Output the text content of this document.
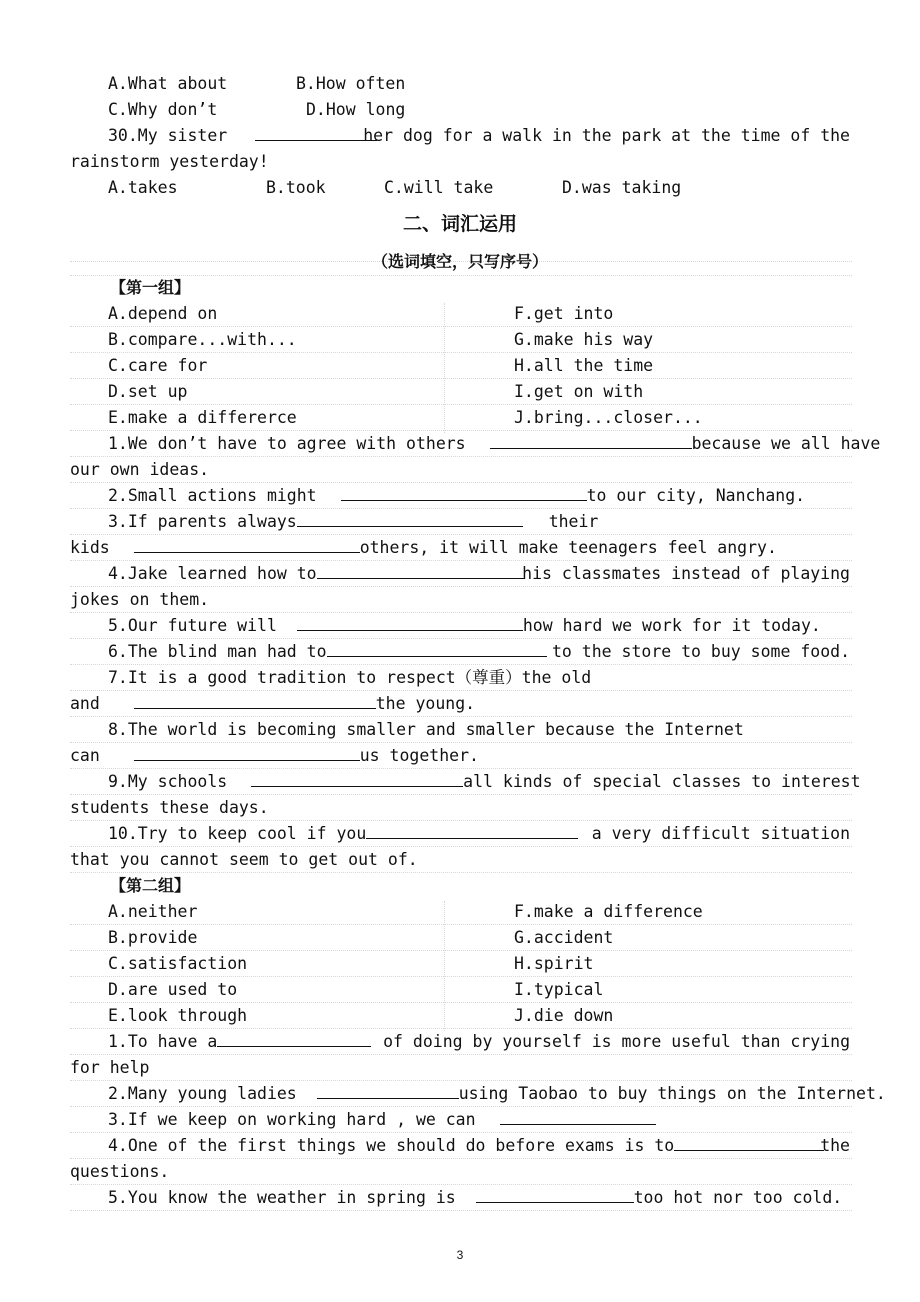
A.What about	B.How often
C.Why don’t	D.How long
30.My sister	her dog for a walk in the park at the time of the
rainstorm yesterday!
A.takes	B.took	C.will take	D.was taking
二、词汇运用
（选词填空，只写序号）
【第一组】
A.depend on	F.get into
B.compare...with...	G.make his way
C.care for	H.all the time
D.set up	I.get on with
E.make a differerce	J.bring...closer...
1.We don’t have to agree with others	because we all have
our own ideas.
2.Small actions might	to our city, Nanchang.
3.If parents always	their
kids	others, it will make teenagers feel angry.
4.Jake learned how to	his classmates instead of playing
jokes on them.
5.Our future will	how hard we work for it today.
6.The blind man had to	to the store to buy some food.
7.It is a good tradition to respect（尊重）the old
and	the young.
8.The world is becoming smaller and smaller because the Internet
can	us together.
9.My schools	all kinds of special classes to interest
students these days.
10.Try to keep cool if you	a very difficult situation
that you cannot seem to get out of.
【第二组】
A.neither	F.make a difference
B.provide	G.accident
C.satisfaction	H.spirit
D.are used to	I.typical
E.look through	J.die down
1.To have a	of doing by yourself is more useful than crying
for help
2.Many young ladies	using Taobao to buy things on the Internet.
3.If we keep on working hard , we can
4.One of the first things we should do before exams is to	the
questions.
5.You know the weather in spring is	too hot nor too cold.
3
